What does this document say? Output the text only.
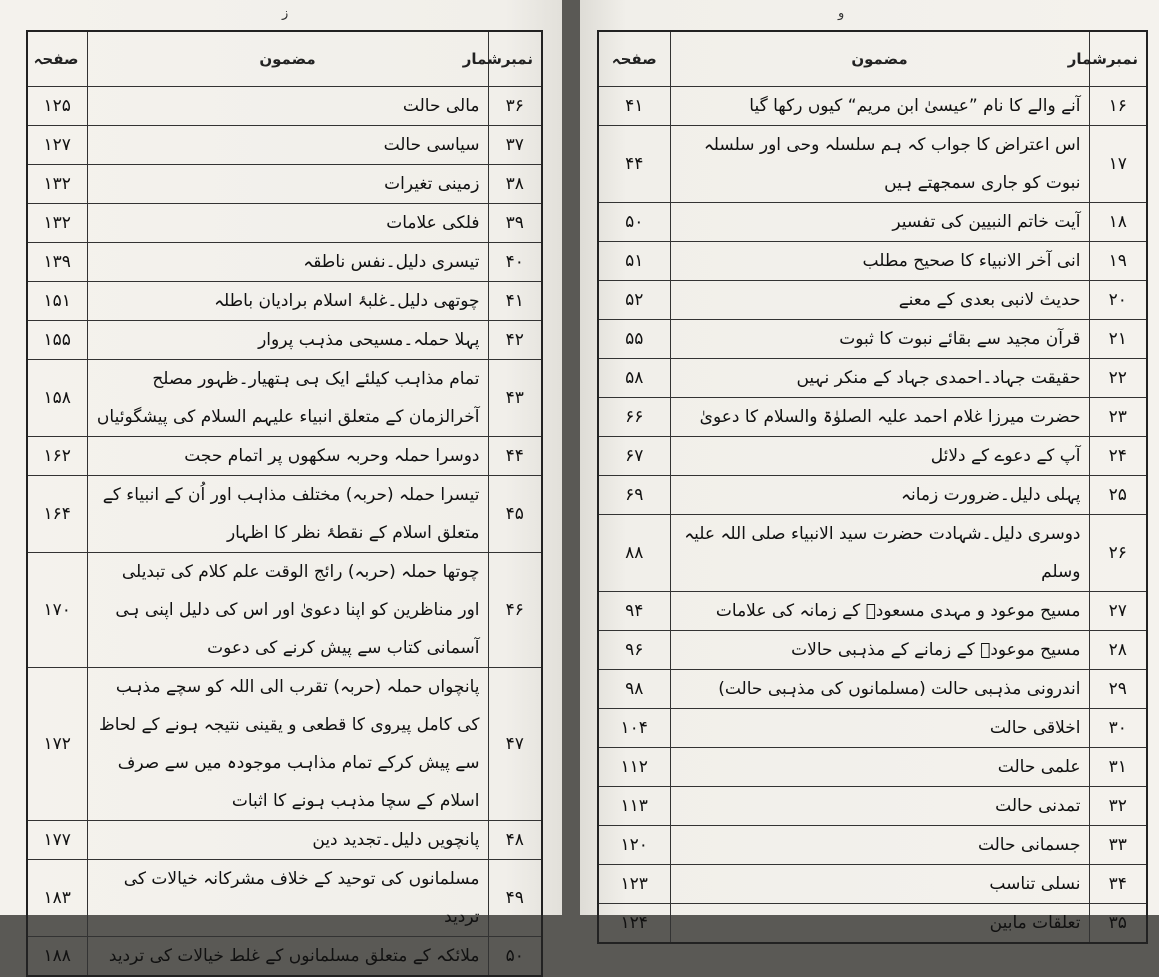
ز	و
نمبرشمار	مضمون	صفحہ
۳۶	مالی حالت	۱۲۵
۳۷	سیاسی حالت	۱۲۷
۳۸	زمینی تغیرات	۱۳۲
۳۹	فلکی علامات	۱۳۲
۴۰	تیسری دلیل۔نفس ناطقہ	۱۳۹
۴۱	چوتھی دلیل۔غلبۂ اسلام برادیان باطلہ	۱۵۱
۴۲	پہلا حملہ۔مسیحی مذہب پروار	۱۵۵
۴۳	تمام مذاہب کیلئے ایک ہی ہتھیار۔ظہور مصلح آخرالزمان کے متعلق انبیاء علیہم السلام کی پیشگوئیاں	۱۵۸
۴۴	دوسرا حملہ وحربہ سکھوں پر اتمام حجت	۱۶۲
۴۵	تیسرا حملہ (حربہ) مختلف مذاہب اور اُن کے انبیاء کے متعلق اسلام کے نقطۂ نظر کا اظہار	۱۶۴
۴۶	چوتھا حملہ (حربہ) رائج الوقت علم کلام کی تبدیلی اور مناظرین کو اپنا دعویٰ اور اس کی دلیل اپنی ہی آسمانی کتاب سے پیش کرنے کی دعوت	۱۷۰
۴۷	پانچواں حملہ (حربہ) تقرب الی اللہ کو سچے مذہب کی کامل پیروی کا قطعی و یقینی نتیجہ ہونے کے لحاظ سے پیش کرکے تمام مذاہب موجودہ میں سے صرف اسلام کے سچا مذہب ہونے کا اثبات	۱۷۲
۴۸	پانچویں دلیل۔تجدید دین	۱۷۷
۴۹	مسلمانوں کی توحید کے خلاف مشرکانہ خیالات کی تردید	۱۸۳
۵۰	ملائکہ کے متعلق مسلمانوں کے غلط خیالات کی تردید	۱۸۸
نمبرشمار	مضمون	صفحہ
۱۶	آنے والے کا نام ”عیسیٰ ابن مریم“ کیوں رکھا گیا	۴۱
۱۷	اس اعتراض کا جواب کہ ہم سلسلہ وحی اور سلسلہ نبوت کو جاری سمجھتے ہیں	۴۴
۱۸	آیت خاتم النبیین کی تفسیر	۵۰
۱۹	انی آخر الانبیاء کا صحیح مطلب	۵۱
۲۰	حدیث لانبی بعدی کے معنے	۵۲
۲۱	قرآن مجید سے بقائے نبوت کا ثبوت	۵۵
۲۲	حقیقت جہاد۔احمدی جہاد کے منکر نہیں	۵۸
۲۳	حضرت میرزا غلام احمد علیہ الصلوٰۃ والسلام کا دعویٰ	۶۶
۲۴	آپ کے دعوے کے دلائل	۶۷
۲۵	پہلی دلیل۔ضرورت زمانہ	۶۹
۲۶	دوسری دلیل۔شہادت حضرت سید الانبیاء صلی اللہ علیہ وسلم	۸۸
۲۷	مسیح موعود و مہدی مسعودؑ کے زمانہ کی علامات	۹۴
۲۸	مسیح موعودؑ کے زمانے کے مذہبی حالات	۹۶
۲۹	اندرونی مذہبی حالت (مسلمانوں کی مذہبی حالت)	۹۸
۳۰	اخلاقی حالت	۱۰۴
۳۱	علمی حالت	۱۱۲
۳۲	تمدنی حالت	۱۱۳
۳۳	جسمانی حالت	۱۲۰
۳۴	نسلی تناسب	۱۲۳
۳۵	تعلقات مابین	۱۲۴
